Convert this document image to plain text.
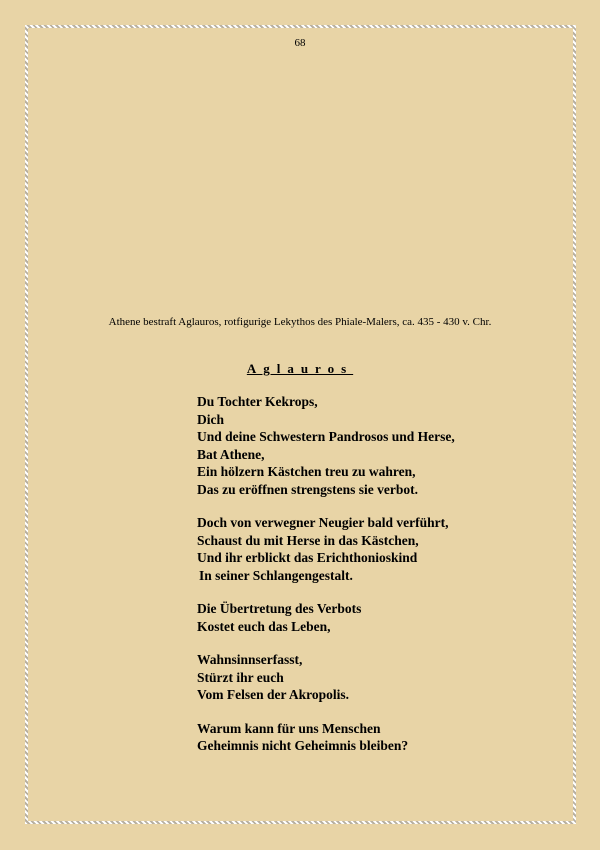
68
Athene bestraft Aglauros, rotfigurige Lekythos des Phiale-Malers, ca. 435 - 430 v. Chr.
Aglauros
Du Tochter Kekrops,
Dich
Und deine Schwestern Pandrosos und Herse,
Bat Athene,
Ein hölzern Kästchen treu zu wahren,
Das zu eröffnen strengstens sie verbot.
Doch von verwegner Neugier bald verführt,
Schaust du mit Herse in das Kästchen,
Und ihr erblickt das Erichthonioskind
In seiner Schlangengestalt.
Die Übertretung des Verbots
Kostet euch das Leben,
Wahnsinnserfasst,
Stürzt ihr euch
Vom Felsen der Akropolis.
Warum kann für uns Menschen
Geheimnis nicht Geheimnis bleiben?
